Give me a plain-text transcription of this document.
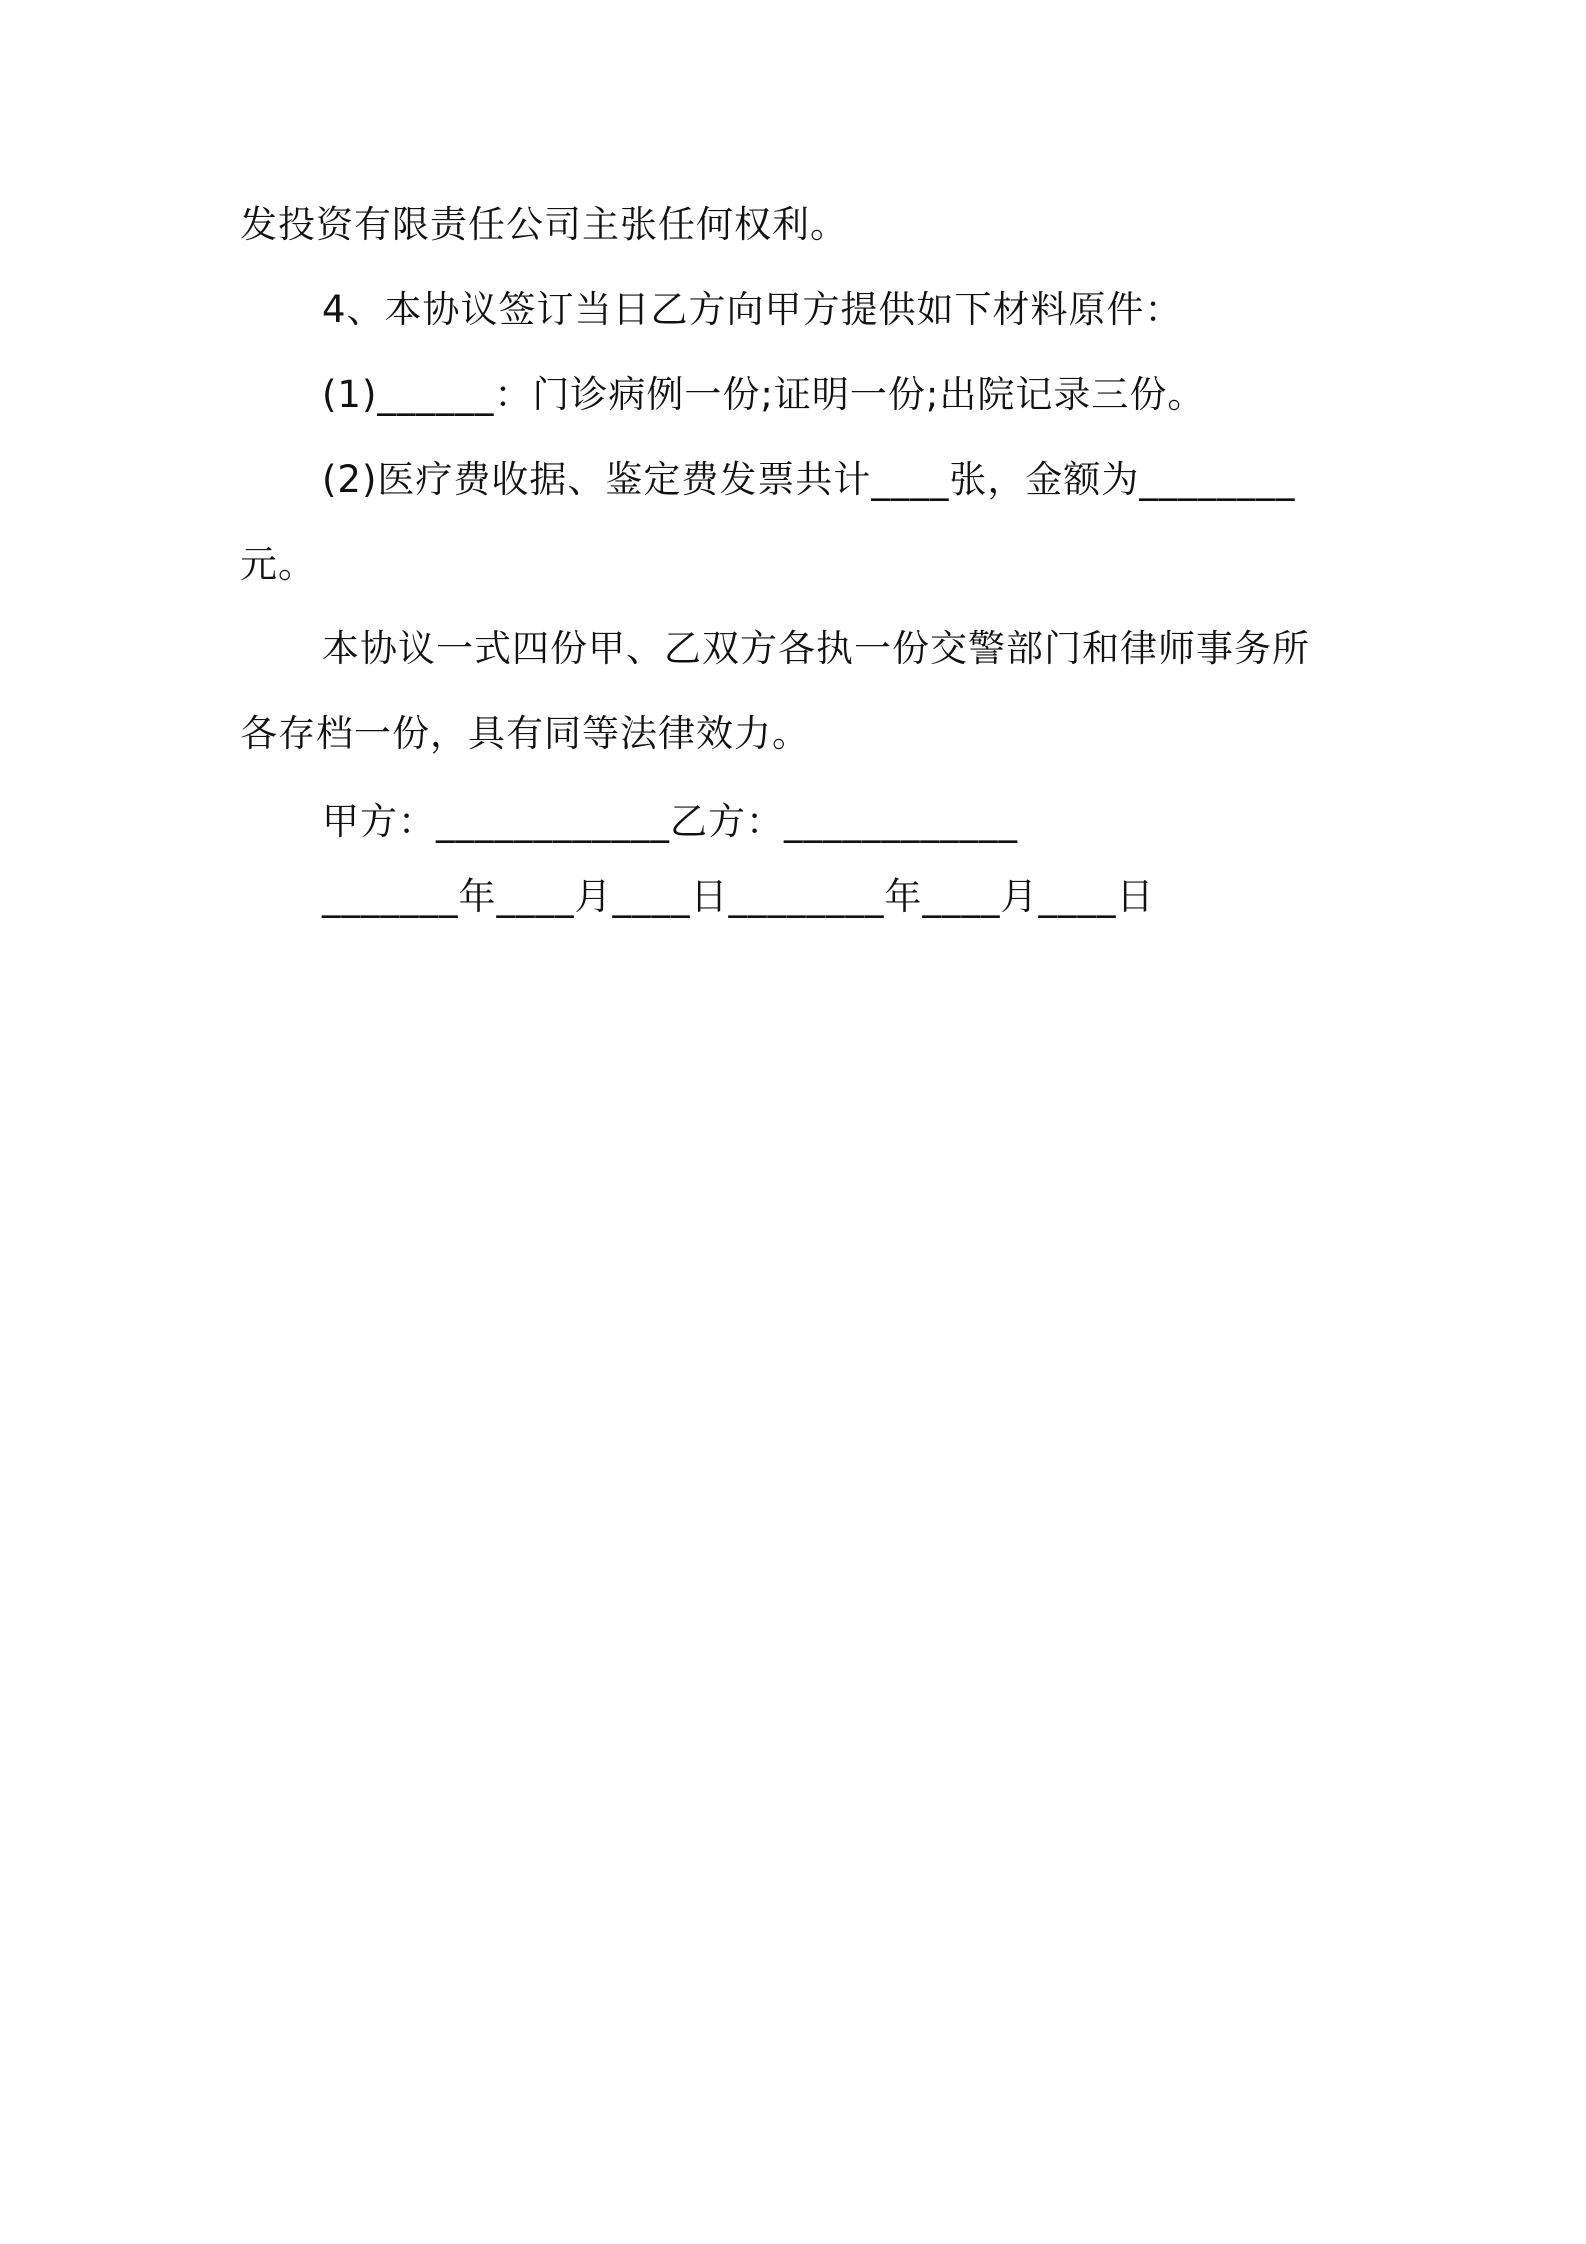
发投资有限责任公司主张任何权利。
4、本协议签订当日乙方向甲方提供如下材料原件：
(1)______：门诊病例一份;证明一份;出院记录三份。
(2)医疗费收据、鉴定费发票共计____张，金额为________
元。
本协议一式四份甲、乙双方各执一份交警部门和律师事务所
各存档一份，具有同等法律效力。
甲方：____________乙方：____________
_______年____月____日________年____月____日
